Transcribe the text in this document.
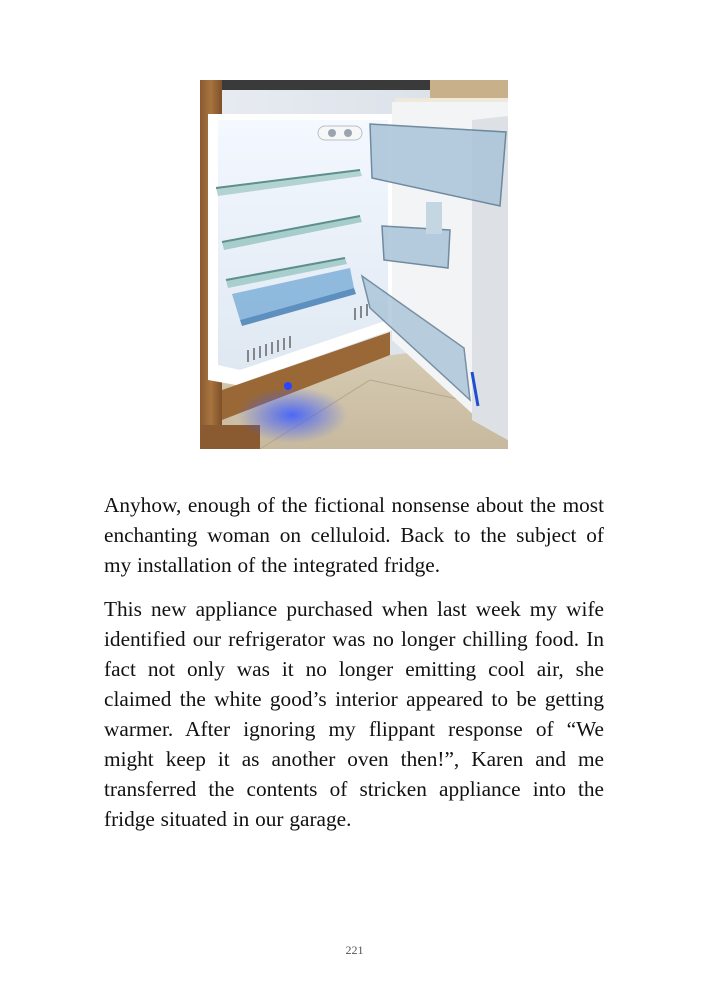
Anyhow, enough of the fictional nonsense about the most enchanting woman on celluloid. Back to the subject of my installation of the integrated fridge.

This new appliance purchased when last week my wife identified our refrigerator was no longer chilling food. In fact not only was it no longer emitting cool air, she claimed the white good’s interior appeared to be getting warmer. After ignoring my flippant response of “We might keep it as another oven then!”, Karen and me transferred the contents of stricken appliance into the fridge situated in our garage.

221
